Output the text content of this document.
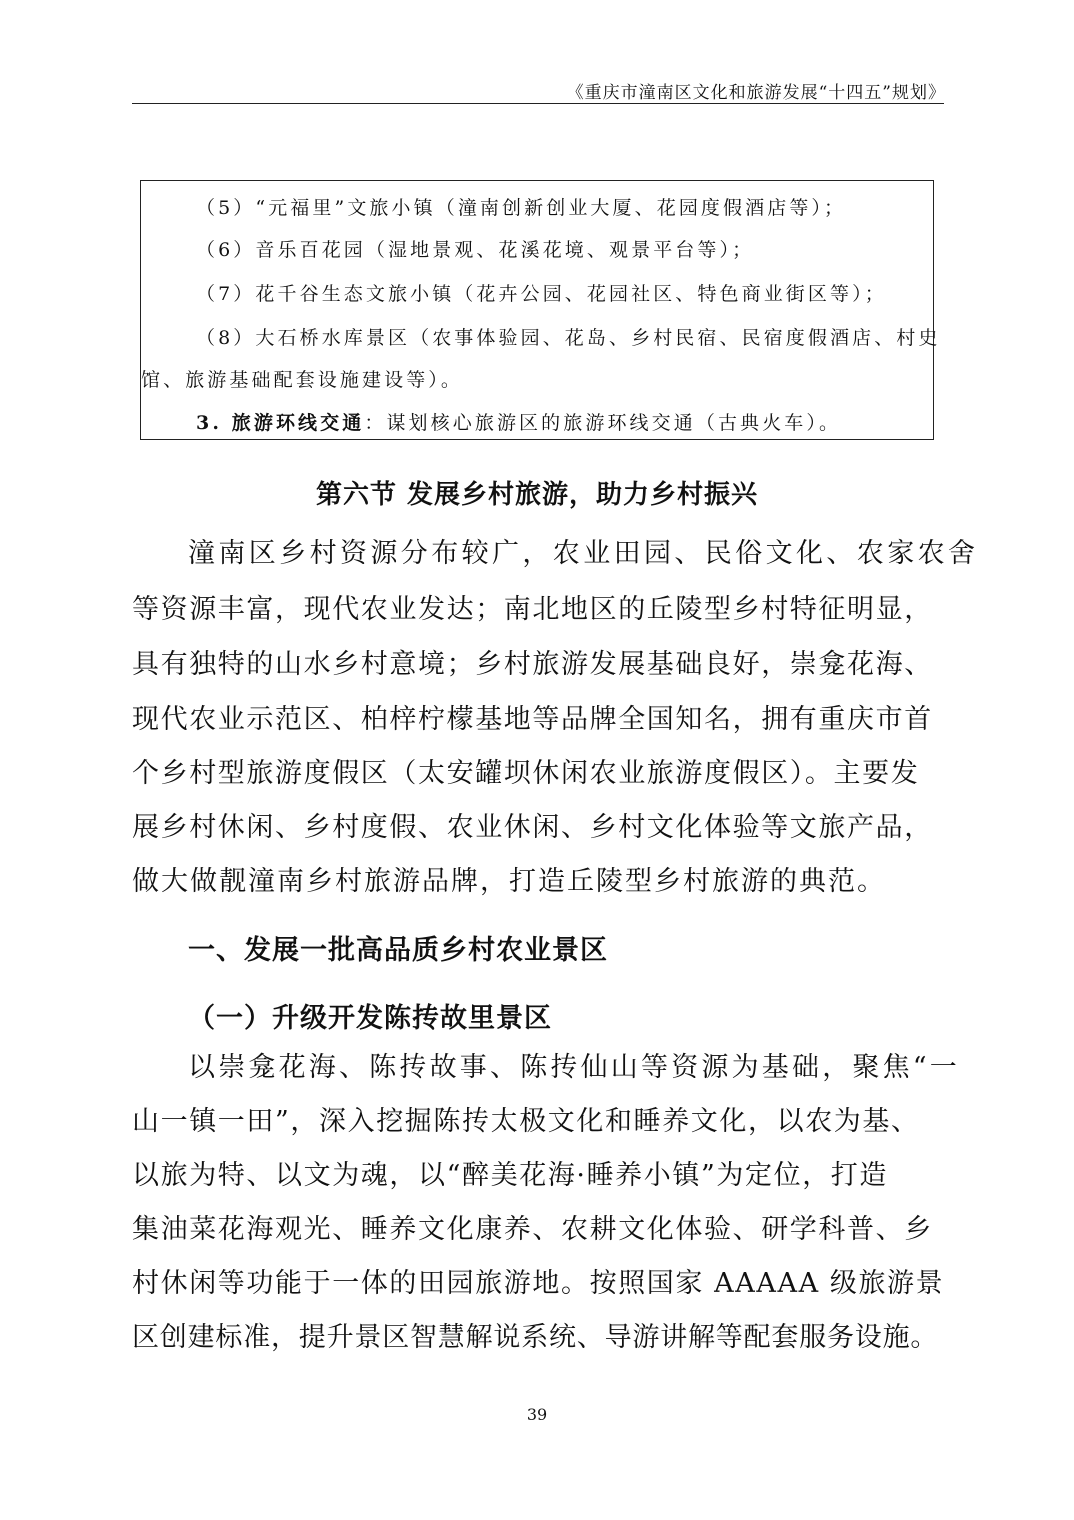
《重庆市潼南区文化和旅游发展“十四五”规划》
（5）“元福里”文旅小镇（潼南创新创业大厦、花园度假酒店等）；
（6）音乐百花园（湿地景观、花溪花境、观景平台等）；
（7）花千谷生态文旅小镇（花卉公园、花园社区、特色商业街区等）；
（8）大石桥水库景区（农事体验园、花岛、乡村民宿、民宿度假酒店、村史
馆、旅游基础配套设施建设等）。
3. 旅游环线交通：谋划核心旅游区的旅游环线交通（古典火车）。
第六节 发展乡村旅游，助力乡村振兴
潼南区乡村资源分布较广，农业田园、民俗文化、农家农舍
等资源丰富，现代农业发达；南北地区的丘陵型乡村特征明显，
具有独特的山水乡村意境；乡村旅游发展基础良好，崇龛花海、
现代农业示范区、柏梓柠檬基地等品牌全国知名，拥有重庆市首
个乡村型旅游度假区（太安罐坝休闲农业旅游度假区）。主要发
展乡村休闲、乡村度假、农业休闲、乡村文化体验等文旅产品，
做大做靓潼南乡村旅游品牌，打造丘陵型乡村旅游的典范。
一、发展一批高品质乡村农业景区
（一）升级开发陈抟故里景区
以崇龛花海、陈抟故事、陈抟仙山等资源为基础，聚焦“一
山一镇一田”，深入挖掘陈抟太极文化和睡养文化，以农为基、
以旅为特、以文为魂，以“醉美花海·睡养小镇”为定位，打造
集油菜花海观光、睡养文化康养、农耕文化体验、研学科普、乡
村休闲等功能于一体的田园旅游地。按照国家 AAAAA 级旅游景
区创建标准，提升景区智慧解说系统、导游讲解等配套服务设施。
39
